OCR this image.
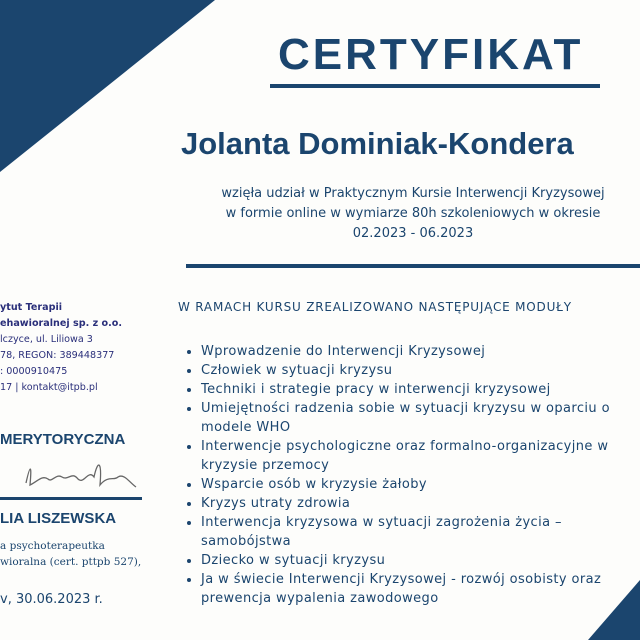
CERTYFIKAT
Jolanta Dominiak-Kondera
wzięła udział w Praktycznym Kursie Interwencji Kryzysowej
w formie online w wymiarze 80h szkoleniowych w okresie
02.2023 - 06.2023
W RAMACH KURSU ZREALIZOWANO NASTĘPUJĄCE MODUŁY
• Wprowadzenie do Interwencji Kryzysowej
• Człowiek w sytuacji kryzysu
• Techniki i strategie pracy w interwencji kryzysowej
• Umiejętności radzenia sobie w sytuacji kryzysu w oparciu o modele WHO
• Interwencje psychologiczne oraz formalno-organizacyjne w kryzysie przemocy
• Wsparcie osób w kryzysie żałoby
• Kryzys utraty zdrowia
• Interwencja kryzysowa w sytuacji zagrożenia życia – samobójstwa
• Dziecko w sytuacji kryzysu
• Ja w świecie Interwencji Kryzysowej - rozwój osobisty oraz prewencja wypalenia zawodowego
ytut Terapii
ehawioralnej sp. z o.o.
lczyce, ul. Liliowa 3
78, REGON: 389448377
: 0000910475
17 | kontakt@itpb.pl
MERYTORYCZNA
LIA LISZEWSKA
a psychoterapeutka
wioralna (cert. pttpb 527),
v, 30.06.2023 r.
